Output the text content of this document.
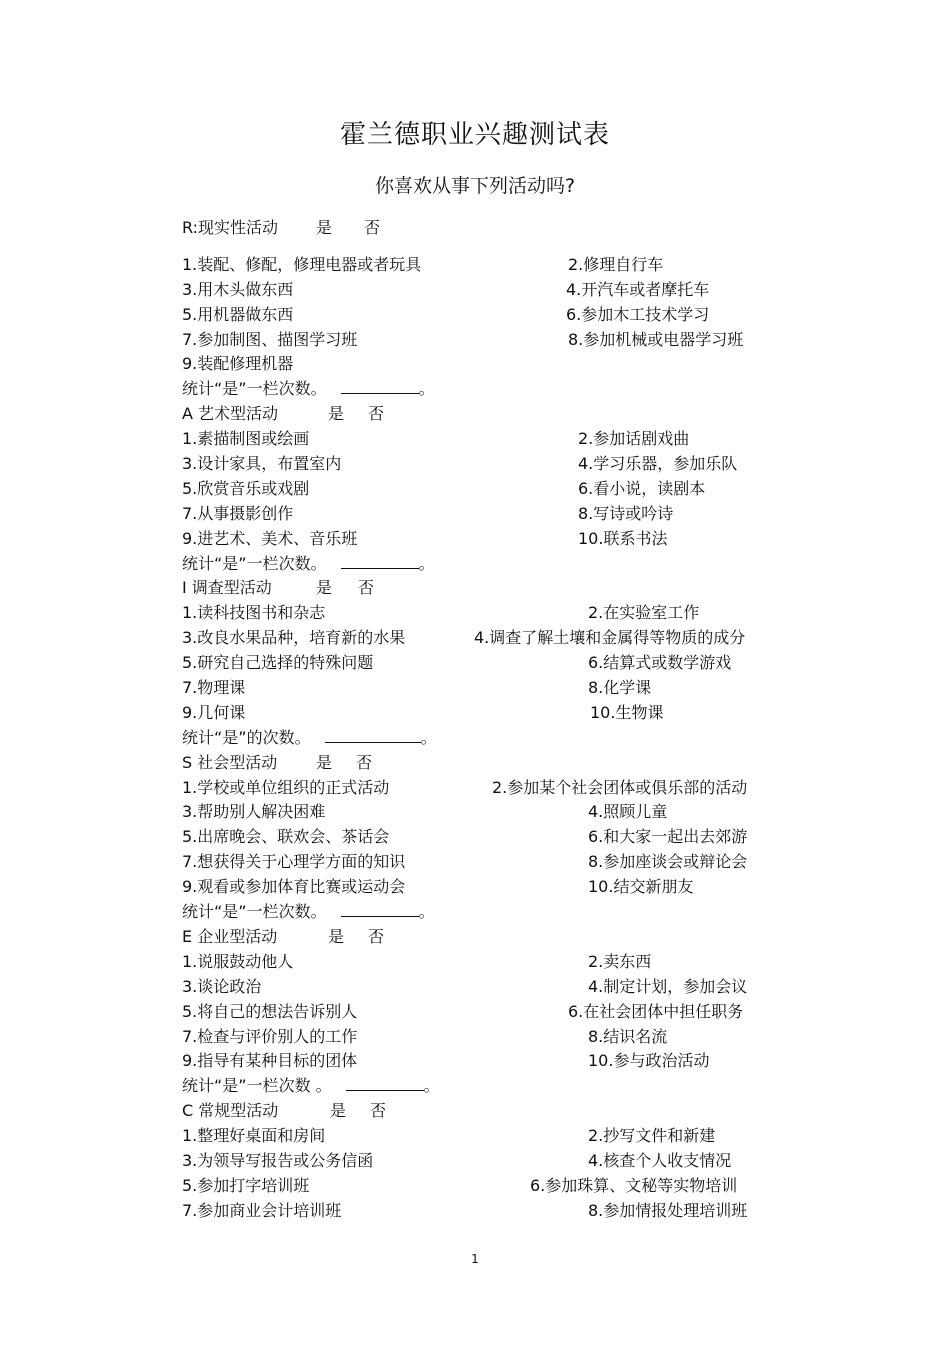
霍兰德职业兴趣测试表
你喜欢从事下列活动吗?
R:现实性活动 是 否
1.装配、修配，修理电器或者玩具	2.修理自行车
3.用木头做东西	4.开汽车或者摩托车
5.用机器做东西	6.参加木工技术学习
7.参加制图、描图学习班	8.参加机械或电器学习班
9.装配修理机器
统计“是”一栏次数。	。
A 艺术型活动	是 否
1.素描制图或绘画	2.参加话剧戏曲
3.设计家具，布置室内	4.学习乐器，参加乐队
5.欣赏音乐或戏剧	6.看小说，读剧本
7.从事摄影创作	8.写诗或吟诗
9.进艺术、美术、音乐班	10.联系书法
统计“是”一栏次数。	。
I 调查型活动	是 否
1.读科技图书和杂志	2.在实验室工作
3.改良水果品种，培育新的水果	4.调查了解土壤和金属得等物质的成分
5.研究自己选择的特殊问题	6.结算式或数学游戏
7.物理课	8.化学课
9.几何课	10.生物课
统计“是”的次数。	。
S 社会型活动 是 否
1.学校或单位组织的正式活动	2.参加某个社会团体或俱乐部的活动
3.帮助别人解决困难	4.照顾儿童
5.出席晚会、联欢会、茶话会	6.和大家一起出去郊游
7.想获得关于心理学方面的知识	8.参加座谈会或辩论会
9.观看或参加体育比赛或运动会	10.结交新朋友
统计“是”一栏次数。	。
E 企业型活动	是 否
1.说服鼓动他人	2.卖东西
3.谈论政治	4.制定计划，参加会议
5.将自己的想法告诉别人	6.在社会团体中担任职务
7.检查与评价别人的工作	8.结识名流
9.指导有某种目标的团体	10.参与政治活动
统计“是”一栏次数 。	。
C 常规型活动	是 否
1.整理好桌面和房间	2.抄写文件和新建
3.为领导写报告或公务信函	4.核查个人收支情况
5.参加打字培训班	6.参加珠算、文秘等实物培训
7.参加商业会计培训班	8.参加情报处理培训班
1
